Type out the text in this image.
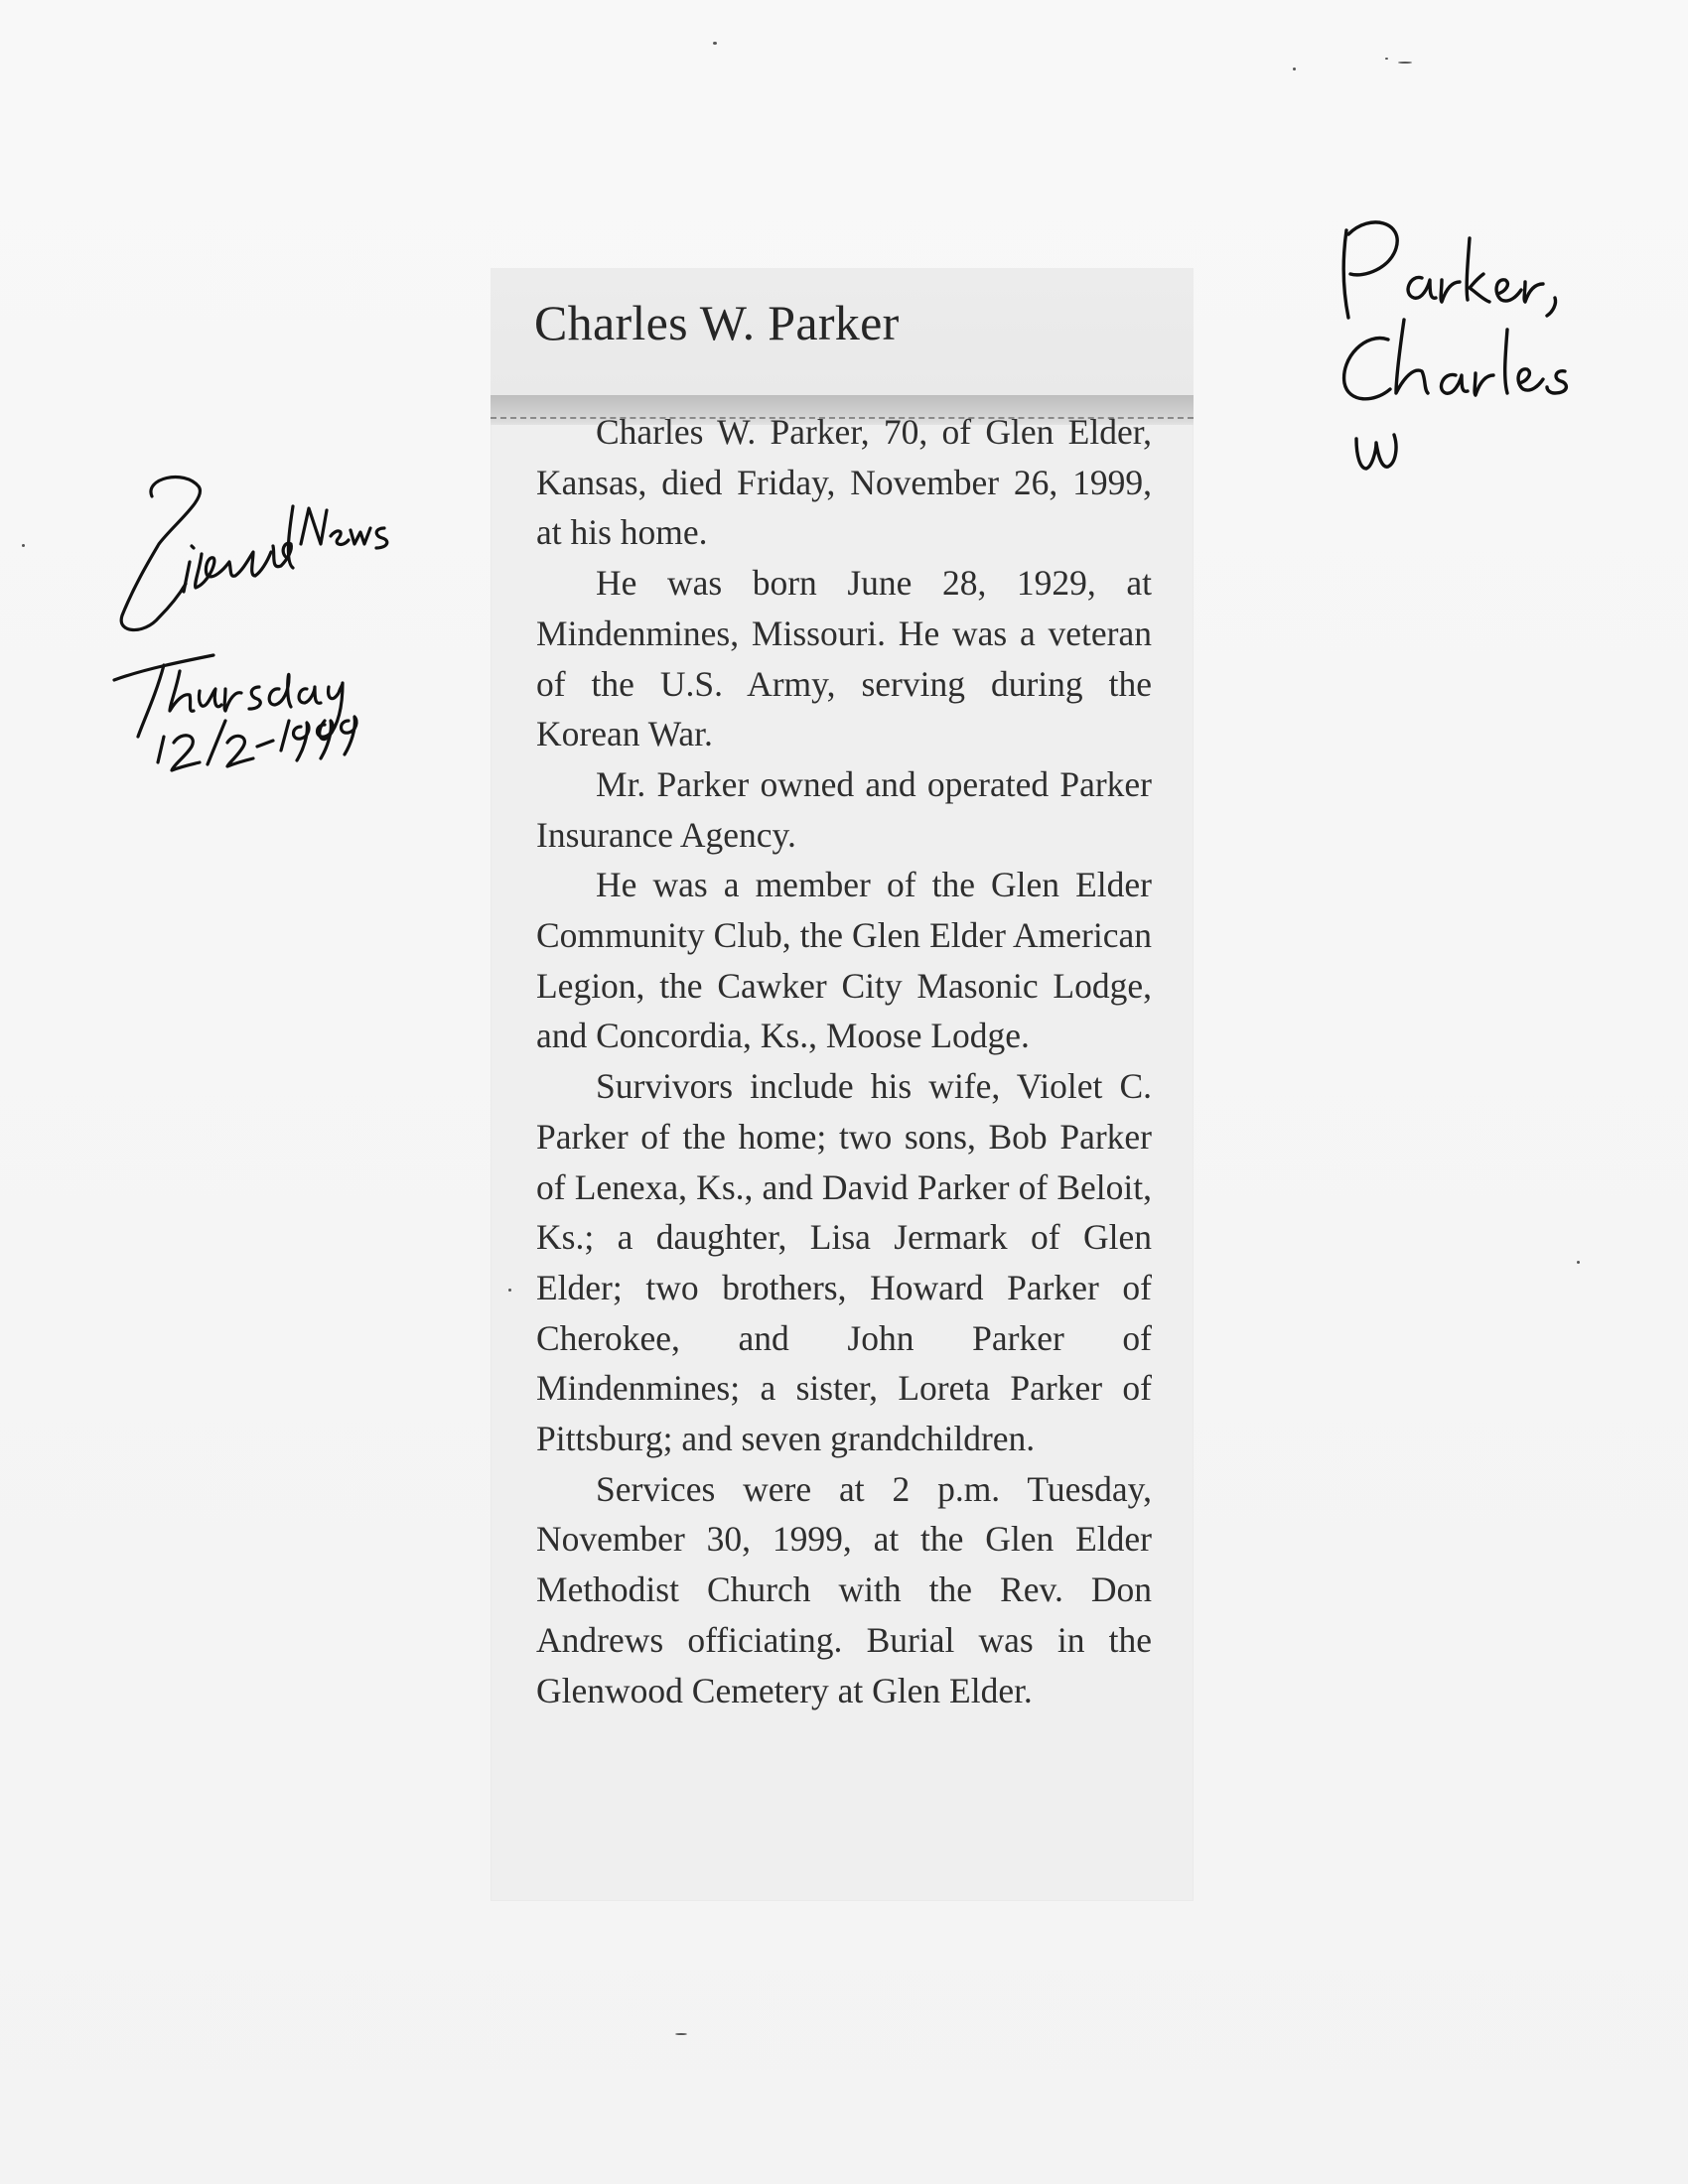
Charles W. Parker

Charles W. Parker, 70, of Glen Elder, Kansas, died Friday, November 26, 1999, at his home.

He was born June 28, 1929, at Mindenmines, Missouri. He was a veteran of the U.S. Army, serving during the Korean War.

Mr. Parker owned and operated Parker Insurance Agency.

He was a member of the Glen Elder Community Club, the Glen Elder American Legion, the Cawker City Masonic Lodge, and Concordia, Ks., Moose Lodge.

Survivors include his wife, Violet C. Parker of the home; two sons, Bob Parker of Lenexa, Ks., and David Parker of Beloit, Ks.; a daughter, Lisa Jermark of Glen Elder; two brothers, Howard Parker of Cherokee, and John Parker of Mindenmines; a sister, Loreta Parker of Pittsburg; and seven grandchildren.

Services were at 2 p.m. Tuesday, November 30, 1999, at the Glen Elder Methodist Church with the Rev. Don Andrews officiating. Burial was in the Glenwood Cemetery at Glen Elder.
